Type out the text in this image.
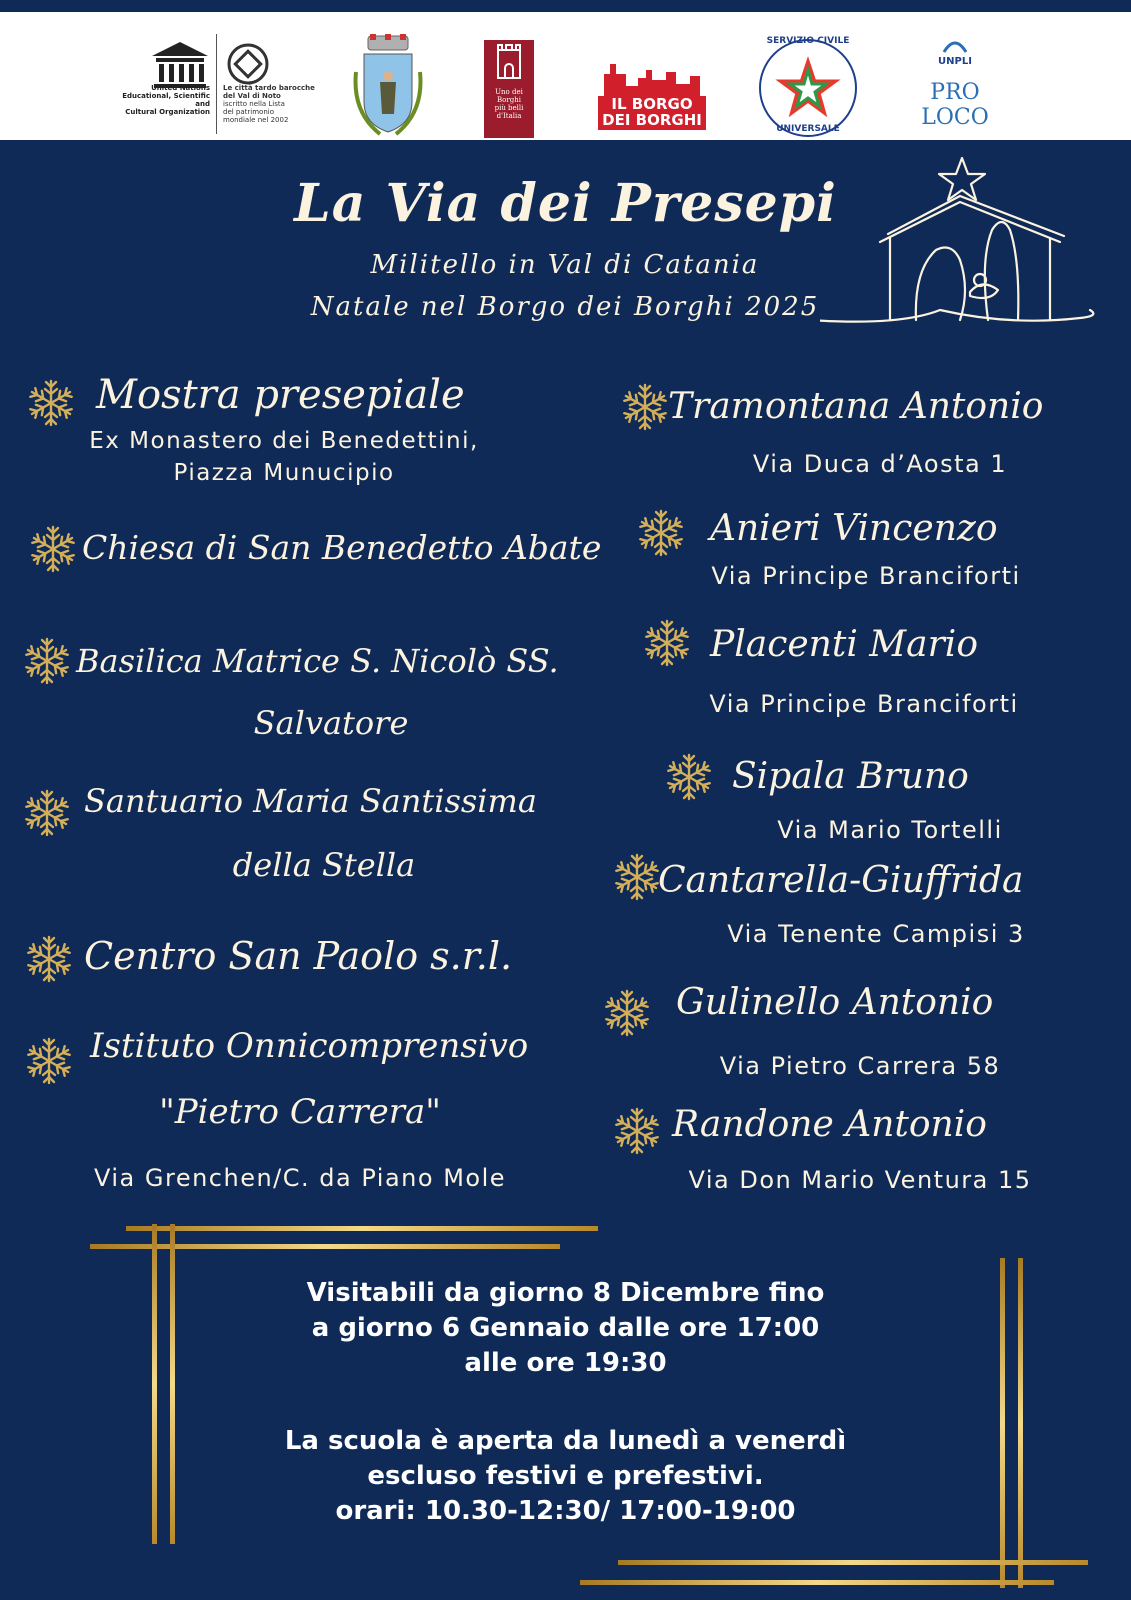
United Nations
Educational, Scientific and
Cultural Organization
Le città tardo barocche
del Val di Noto
iscritto nella Lista
del patrimonio
mondiale nel 2002
Uno dei
Borghi
più belli
d'Italia
IL BORGO
DEI BORGHI
SERVIZIO CIVILE
UNIVERSALE
UNPLI
PRO LOCO
La Via dei Presepi
Militello in Val di Catania
Natale nel Borgo dei Borghi 2025
Mostra presepiale
Ex Monastero dei Benedettini,
Piazza Munucipio
Chiesa di San Benedetto Abate
Basilica Matrice S. Nicolò SS.
Salvatore
Santuario Maria Santissima
della Stella
Centro San Paolo s.r.l.
Istituto Onnicomprensivo
"Pietro Carrera"
Via Grenchen/C. da Piano Mole
Tramontana Antonio
Via Duca d’Aosta 1
Anieri Vincenzo
Via Principe Branciforti
Placenti Mario
Via Principe Branciforti
Sipala Bruno
Via Mario Tortelli
Cantarella-Giuffrida
Via Tenente Campisi 3
Gulinello Antonio
Via Pietro Carrera 58
Randone Antonio
Via Don Mario Ventura 15
Visitabili da giorno 8 Dicembre fino
a giorno 6 Gennaio dalle ore 17:00
alle ore 19:30
La scuola è aperta da lunedì a venerdì
escluso festivi e prefestivi.
orari: 10.30-12:30/ 17:00-19:00
